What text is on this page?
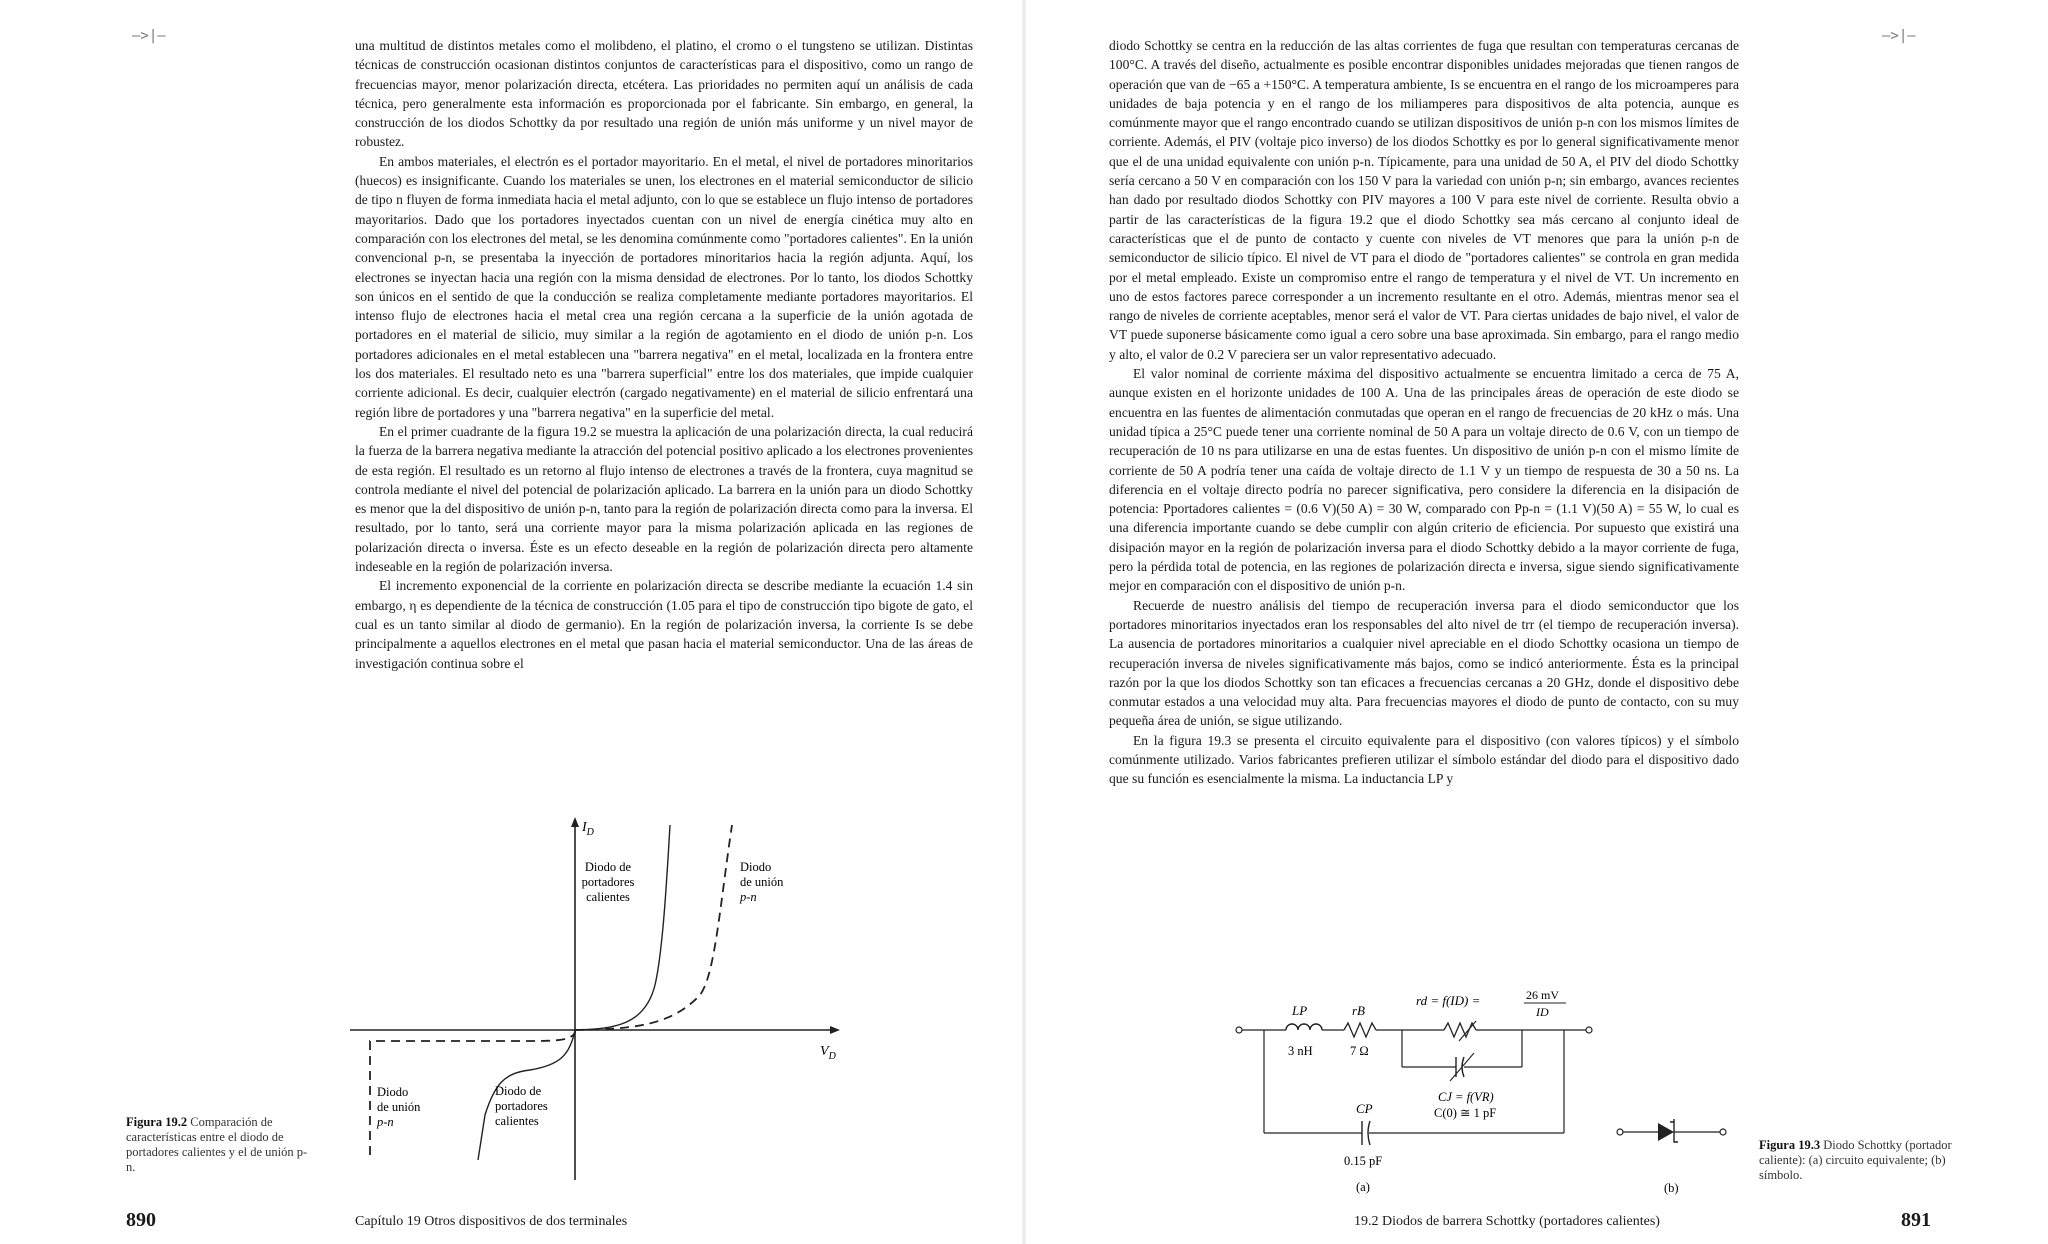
—>|—

una multitud de distintos metales como el molibdeno, el platino, el cromo o el tungsteno se utilizan. Distintas técnicas de construcción ocasionan distintos conjuntos de características para el dispositivo, como un rango de frecuencias mayor, menor polarización directa, etcétera. Las prioridades no permiten aquí un análisis de cada técnica, pero generalmente esta información es proporcionada por el fabricante. Sin embargo, en general, la construcción de los diodos Schottky da por resultado una región de unión más uniforme y un nivel mayor de robustez.

En ambos materiales, el electrón es el portador mayoritario. En el metal, el nivel de portadores minoritarios (huecos) es insignificante. Cuando los materiales se unen, los electrones en el material semiconductor de silicio de tipo n fluyen de forma inmediata hacia el metal adjunto, con lo que se establece un flujo intenso de portadores mayoritarios. Dado que los portadores inyectados cuentan con un nivel de energía cinética muy alto en comparación con los electrones del metal, se les denomina comúnmente como "portadores calientes". En la unión convencional p-n, se presentaba la inyección de portadores minoritarios hacia la región adjunta. Aquí, los electrones se inyectan hacia una región con la misma densidad de electrones. Por lo tanto, los diodos Schottky son únicos en el sentido de que la conducción se realiza completamente mediante portadores mayoritarios. El intenso flujo de electrones hacia el metal crea una región cercana a la superficie de la unión agotada de portadores en el material de silicio, muy similar a la región de agotamiento en el diodo de unión p-n. Los portadores adicionales en el metal establecen una "barrera negativa" en el metal, localizada en la frontera entre los dos materiales. El resultado neto es una "barrera superficial" entre los dos materiales, que impide cualquier corriente adicional. Es decir, cualquier electrón (cargado negativamente) en el material de silicio enfrentará una región libre de portadores y una "barrera negativa" en la superficie del metal.

En el primer cuadrante de la figura 19.2 se muestra la aplicación de una polarización directa, la cual reducirá la fuerza de la barrera negativa mediante la atracción del potencial positivo aplicado a los electrones provenientes de esta región. El resultado es un retorno al flujo intenso de electrones a través de la frontera, cuya magnitud se controla mediante el nivel del potencial de polarización aplicado. La barrera en la unión para un diodo Schottky es menor que la del dispositivo de unión p-n, tanto para la región de polarización directa como para la inversa. El resultado, por lo tanto, será una corriente mayor para la misma polarización aplicada en las regiones de polarización directa o inversa. Éste es un efecto deseable en la región de polarización directa pero altamente indeseable en la región de polarización inversa.

El incremento exponencial de la corriente en polarización directa se describe mediante la ecuación 1.4 sin embargo, η es dependiente de la técnica de construcción (1.05 para el tipo de construcción tipo bigote de gato, el cual es un tanto similar al diodo de germanio). En la región de polarización inversa, la corriente Is se debe principalmente a aquellos electrones en el metal que pasan hacia el material semiconductor. Una de las áreas de investigación continua sobre el

$I_D$
$V_D$
Diodo de
portadores
calientes
Diodo
de unión
p-n
Diodo
de unión
p-n
Diodo de
portadores
calientes
Figura 19.2 Comparación de características entre el diodo de portadores calientes y el de unión p-n.
890	Capítulo 19 Otros dispositivos de dos terminales
—>|—

diodo Schottky se centra en la reducción de las altas corrientes de fuga que resultan con temperaturas cercanas de 100°C. A través del diseño, actualmente es posible encontrar disponibles unidades mejoradas que tienen rangos de operación que van de −65 a +150°C. A temperatura ambiente, Is se encuentra en el rango de los microamperes para unidades de baja potencia y en el rango de los miliamperes para dispositivos de alta potencia, aunque es comúnmente mayor que el rango encontrado cuando se utilizan dispositivos de unión p-n con los mismos límites de corriente. Además, el PIV (voltaje pico inverso) de los diodos Schottky es por lo general significativamente menor que el de una unidad equivalente con unión p-n. Típicamente, para una unidad de 50 A, el PIV del diodo Schottky sería cercano a 50 V en comparación con los 150 V para la variedad con unión p-n; sin embargo, avances recientes han dado por resultado diodos Schottky con PIV mayores a 100 V para este nivel de corriente. Resulta obvio a partir de las características de la figura 19.2 que el diodo Schottky sea más cercano al conjunto ideal de características que el de punto de contacto y cuente con niveles de VT menores que para la unión p-n de semiconductor de silicio típico. El nivel de VT para el diodo de "portadores calientes" se controla en gran medida por el metal empleado. Existe un compromiso entre el rango de temperatura y el nivel de VT. Un incremento en uno de estos factores parece corresponder a un incremento resultante en el otro. Además, mientras menor sea el rango de niveles de corriente aceptables, menor será el valor de VT. Para ciertas unidades de bajo nivel, el valor de VT puede suponerse básicamente como igual a cero sobre una base aproximada. Sin embargo, para el rango medio y alto, el valor de 0.2 V pareciera ser un valor representativo adecuado.

El valor nominal de corriente máxima del dispositivo actualmente se encuentra limitado a cerca de 75 A, aunque existen en el horizonte unidades de 100 A. Una de las principales áreas de operación de este diodo se encuentra en las fuentes de alimentación conmutadas que operan en el rango de frecuencias de 20 kHz o más. Una unidad típica a 25°C puede tener una corriente nominal de 50 A para un voltaje directo de 0.6 V, con un tiempo de recuperación de 10 ns para utilizarse en una de estas fuentes. Un dispositivo de unión p-n con el mismo límite de corriente de 50 A podría tener una caída de voltaje directo de 1.1 V y un tiempo de respuesta de 30 a 50 ns. La diferencia en el voltaje directo podría no parecer significativa, pero considere la diferencia en la disipación de potencia: Pportadores calientes = (0.6 V)(50 A) = 30 W, comparado con Pp-n = (1.1 V)(50 A) = 55 W, lo cual es una diferencia importante cuando se debe cumplir con algún criterio de eficiencia. Por supuesto que existirá una disipación mayor en la región de polarización inversa para el diodo Schottky debido a la mayor corriente de fuga, pero la pérdida total de potencia, en las regiones de polarización directa e inversa, sigue siendo significativamente mejor en comparación con el dispositivo de unión p-n.

Recuerde de nuestro análisis del tiempo de recuperación inversa para el diodo semiconductor que los portadores minoritarios inyectados eran los responsables del alto nivel de trr (el tiempo de recuperación inversa). La ausencia de portadores minoritarios a cualquier nivel apreciable en el diodo Schottky ocasiona un tiempo de recuperación inversa de niveles significativamente más bajos, como se indicó anteriormente. Ésta es la principal razón por la que los diodos Schottky son tan eficaces a frecuencias cercanas a 20 GHz, donde el dispositivo debe conmutar estados a una velocidad muy alta. Para frecuencias mayores el diodo de punto de contacto, con su muy pequeña área de unión, se sigue utilizando.

En la figura 19.3 se presenta el circuito equivalente para el dispositivo (con valores típicos) y el símbolo comúnmente utilizado. Varios fabricantes prefieren utilizar el símbolo estándar del diodo para el dispositivo dado que su función es esencialmente la misma. La inductancia LP y

LP
3 nH
rB
7 Ω
rd = f(ID) =	26 mV
ID
CJ = f(VR)
C(0) ≅ 1 pF
CP
0.15 pF
(a)	(b)
Figura 19.3 Diodo Schottky (portador caliente): (a) circuito equivalente; (b) símbolo.
891
19.2 Diodos de barrera Schottky (portadores calientes)
